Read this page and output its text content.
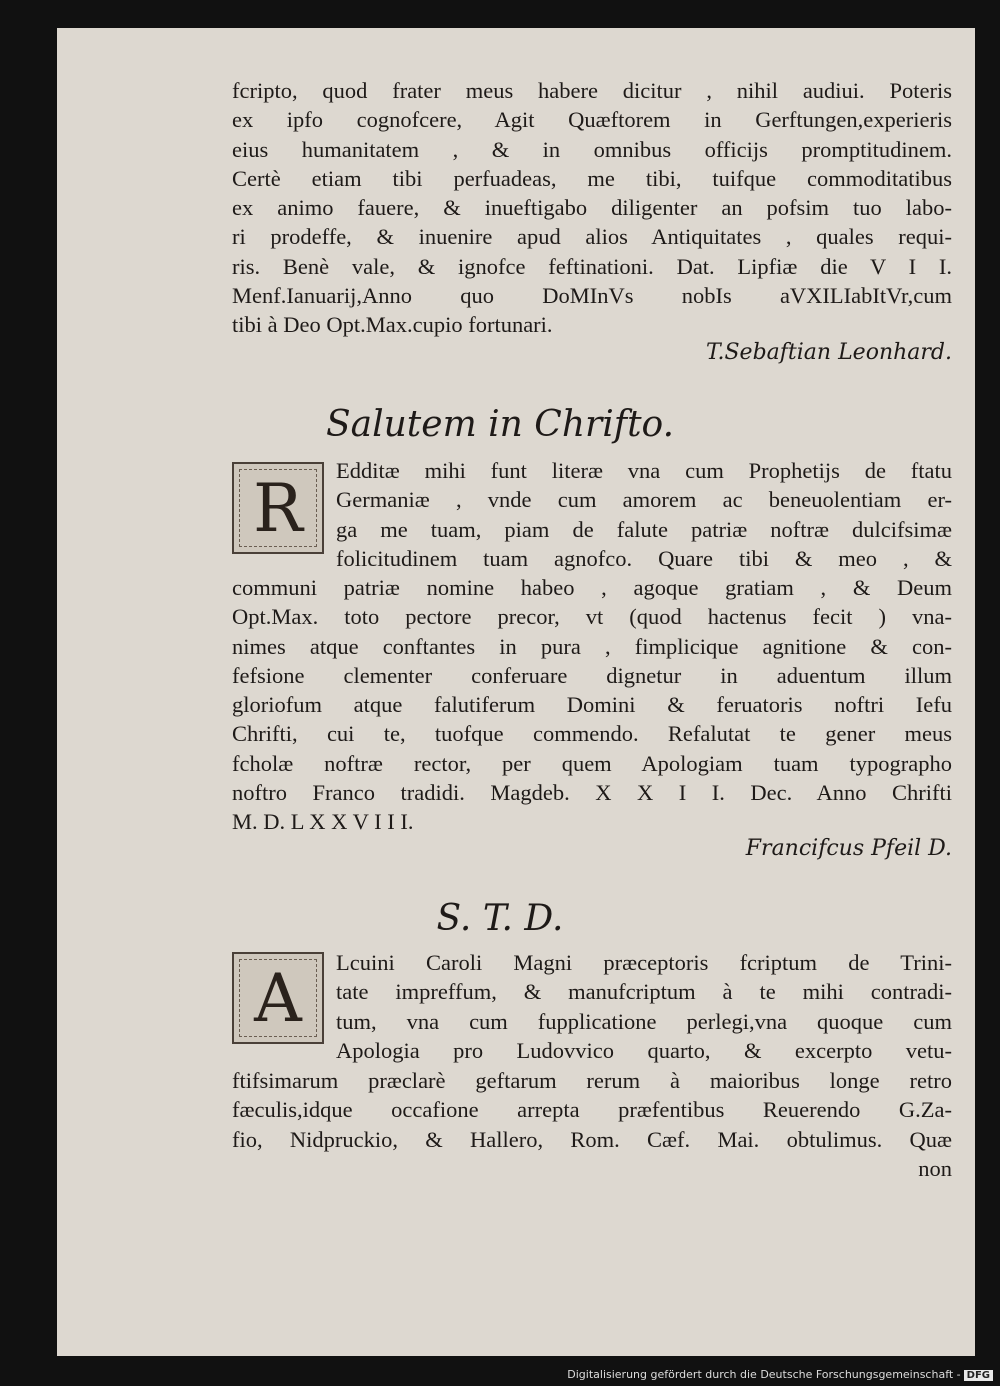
fcripto, quod frater meus habere dicitur , nihil audiui. Poteris
ex ipfo cognofcere, Agit Quæftorem in Gerftungen,experieris
eius humanitatem , & in omnibus officijs promptitudinem.
Certè etiam tibi perfuadeas, me tibi, tuifque commoditatibus
ex animo fauere, & inueftigabo diligenter an pofsim tuo labo-
ri prodeffe, & inuenire apud alios Antiquitates , quales requi-
ris. Benè vale, & ignofce feftinationi. Dat. Lipfiæ die V I I.
Menf.Ianuarij,Anno quo DoMInVs nobIs aVXILIabItVr,cum
tibi à Deo Opt.Max.cupio fortunari.
T.Sebaftian Leonhard.
Salutem in Chrifto.
R Edditæ mihi funt literæ vna cum Prophetijs de ftatu
Germaniæ , vnde cum amorem ac beneuolentiam er-
ga me tuam, piam de falute patriæ noftræ dulcifsimæ
folicitudinem tuam agnofco. Quare tibi & meo , &
communi patriæ nomine habeo , agoque gratiam , & Deum
Opt.Max. toto pectore precor, vt (quod hactenus fecit ) vna-
nimes atque conftantes in pura , fimplicique agnitione & con-
fefsione clementer conferuare dignetur in aduentum illum
gloriofum atque falutiferum Domini & feruatoris noftri Iefu
Chrifti, cui te, tuofque commendo. Refalutat te gener meus
fcholæ noftræ rector, per quem Apologiam tuam typographo
noftro Franco tradidi. Magdeb. X X I I. Dec. Anno Chrifti
M. D. L X X V I I I.
Francifcus Pfeil D.
S. T. D.
A Lcuini Caroli Magni præceptoris fcriptum de Trini-
tate impreffum, & manufcriptum à te mihi contradi-
tum, vna cum fupplicatione perlegi,vna quoque cum
Apologia pro Ludovvico quarto, & excerpto vetu-
ftifsimarum præclarè geftarum rerum à maioribus longe retro
fæculis,idque occafione arrepta præfentibus Reuerendo G.Za-
fio, Nidpruckio, & Hallero, Rom. Cæf. Mai. obtulimus. Quæ
non
Digitalisierung gefördert durch die Deutsche Forschungsgemeinschaft - DFG
